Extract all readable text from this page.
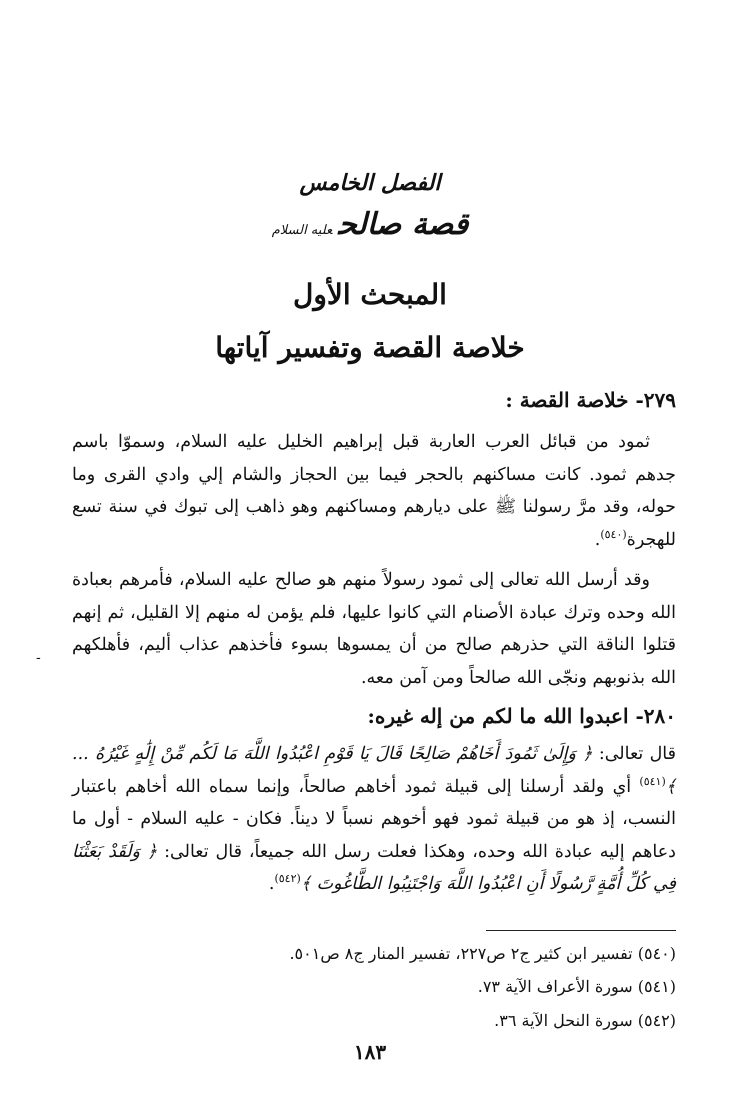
الفصل الخامس
قصة صالحعليه السلام
المبحث الأول
خلاصة القصة وتفسير آياتها
٢٧٩- خلاصة القصة :
ثمود من قبائل العرب العاربة قبل إبراهيم الخليل عليه السلام، وسموّا باسم جدهم ثمود. كانت مساكنهم بالحجر فيما بين الحجاز والشام إلي وادي القرى وما حوله، وقد مرَّ رسولنا ﷺ على ديارهم ومساكنهم وهو ذاهب إلى تبوك في سنة تسع للهجرة$^{(٥٤٠)}$.
وقد أرسل الله تعالى إلى ثمود رسولاً منهم هو صالح عليه السلام، فأمرهم بعبادة الله وحده وترك عبادة الأصنام التي كانوا عليها، فلم يؤمن له منهم إلا القليل، ثم إنهم قتلوا الناقة التي حذرهم صالح من أن يمسوها بسوء فأخذهم عذاب أليم، فأهلكهم الله بذنوبهم ونجّى الله صالحاً ومن آمن معه.
٢٨٠- اعبدوا الله ما لكم من إله غيره:
قال تعالى: ﴿ وَإِلَىٰ ثَمُودَ أَخَاهُمْ صَالِحًا قَالَ يَا قَوْمِ اعْبُدُوا اللَّهَ مَا لَكُم مِّنْ إِلَٰهٍ غَيْرُهُ ... ﴾$^{(٥٤١)}$ أي ولقد أرسلنا إلى قبيلة ثمود أخاهم صالحاً، وإنما سماه الله أخاهم باعتبار النسب، إذ هو من قبيلة ثمود فهو أخوهم نسباً لا ديناً. فكان - عليه السلام - أول ما دعاهم إليه عبادة الله وحده، وهكذا فعلت رسل الله جميعاً، قال تعالى: ﴿ وَلَقَدْ بَعَثْنَا فِي كُلِّ أُمَّةٍ رَّسُولًا أَنِ اعْبُدُوا اللَّهَ وَاجْتَنِبُوا الطَّاغُوتَ ﴾$^{(٥٤٢)}$.
(٥٤٠) تفسير ابن كثير ج٢ ص٢٢٧، تفسير المنار ج٨ ص٥٠١.
(٥٤١) سورة الأعراف الآية ٧٣.
(٥٤٢) سورة النحل الآية ٣٦.
١٨٣
-
